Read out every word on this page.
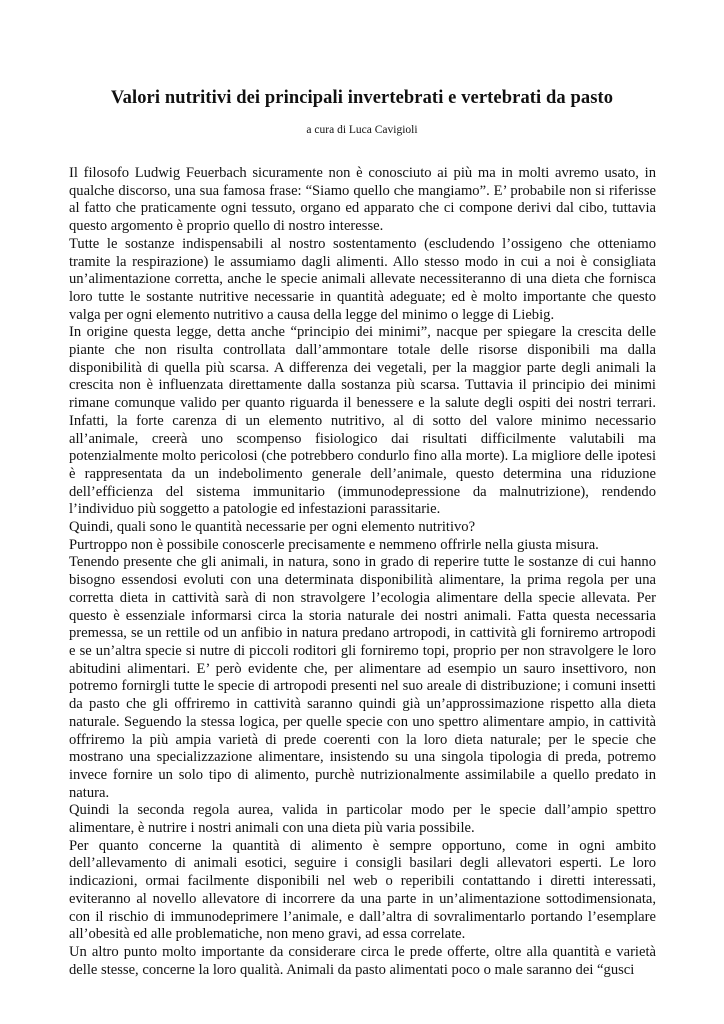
Valori nutritivi dei principali invertebrati e vertebrati da pasto
a cura di Luca Cavigioli

Il filosofo Ludwig Feuerbach sicuramente non è conosciuto ai più ma in molti avremo usato, in qualche discorso, una sua famosa frase: “Siamo quello che mangiamo”. E’ probabile non si riferisse al fatto che praticamente ogni tessuto, organo ed apparato che ci compone derivi dal cibo, tuttavia questo argomento è proprio quello di nostro interesse.

Tutte le sostanze indispensabili al nostro sostentamento (escludendo l’ossigeno che otteniamo tramite la respirazione) le assumiamo dagli alimenti. Allo stesso modo in cui a noi è consigliata un’alimentazione corretta, anche le specie animali allevate necessiteranno di una dieta che fornisca loro tutte le sostante nutritive necessarie in quantità adeguate; ed è molto importante che questo valga per ogni elemento nutritivo a causa della legge del minimo o legge di Liebig.

In origine questa legge, detta anche “principio dei minimi”, nacque per spiegare la crescita delle piante che non risulta controllata dall’ammontare totale delle risorse disponibili ma dalla disponibilità di quella più scarsa. A differenza dei vegetali, per la maggior parte degli animali la crescita non è influenzata direttamente dalla sostanza più scarsa. Tuttavia il principio dei minimi rimane comunque valido per quanto riguarda il benessere e la salute degli ospiti dei nostri terrari. Infatti, la forte carenza di un elemento nutritivo, al di sotto del valore minimo necessario all’animale, creerà uno scompenso fisiologico dai risultati difficilmente valutabili ma potenzialmente molto pericolosi (che potrebbero condurlo fino alla morte). La migliore delle ipotesi è rappresentata da un indebolimento generale dell’animale, questo determina una riduzione dell’efficienza del sistema immunitario (immunodepressione da malnutrizione), rendendo l’individuo più soggetto a patologie ed infestazioni parassitarie.

Quindi, quali sono le quantità necessarie per ogni elemento nutritivo?

Purtroppo non è possibile conoscerle precisamente e nemmeno offrirle nella giusta misura.

Tenendo presente che gli animali, in natura, sono in grado di reperire tutte le sostanze di cui hanno bisogno essendosi evoluti con una determinata disponibilità alimentare, la prima regola per una corretta dieta in cattività sarà di non stravolgere l’ecologia alimentare della specie allevata. Per questo è essenziale informarsi circa la storia naturale dei nostri animali. Fatta questa necessaria premessa, se un rettile od un anfibio in natura predano artropodi, in cattività gli forniremo artropodi e se un’altra specie si nutre di piccoli roditori gli forniremo topi, proprio per non stravolgere le loro abitudini alimentari. E’ però evidente che, per alimentare ad esempio un sauro insettivoro, non potremo fornirgli tutte le specie di artropodi presenti nel suo areale di distribuzione; i comuni insetti da pasto che gli offriremo in cattività saranno quindi già un’approssimazione rispetto alla dieta naturale. Seguendo la stessa logica, per quelle specie con uno spettro alimentare ampio, in cattività offriremo la più ampia varietà di prede coerenti con la loro dieta naturale; per le specie che mostrano una specializzazione alimentare, insistendo su una singola tipologia di preda, potremo invece fornire un solo tipo di alimento, purchè nutrizionalmente assimilabile a quello predato in natura.

Quindi la seconda regola aurea, valida in particolar modo per le specie dall’ampio spettro alimentare, è nutrire i nostri animali con una dieta più varia possibile.

Per quanto concerne la quantità di alimento è sempre opportuno, come in ogni ambito dell’allevamento di animali esotici, seguire i consigli basilari degli allevatori esperti. Le loro indicazioni, ormai facilmente disponibili nel web o reperibili contattando i diretti interessati, eviteranno al novello allevatore di incorrere da una parte in un’alimentazione sottodimensionata, con il rischio di immunodeprimere l’animale, e dall’altra di sovralimentarlo portando l’esemplare all’obesità ed alle problematiche, non meno gravi, ad essa correlate.

Un altro punto molto importante da considerare circa le prede offerte, oltre alla quantità e varietà delle stesse, concerne la loro qualità. Animali da pasto alimentati poco o male saranno dei “gusci
